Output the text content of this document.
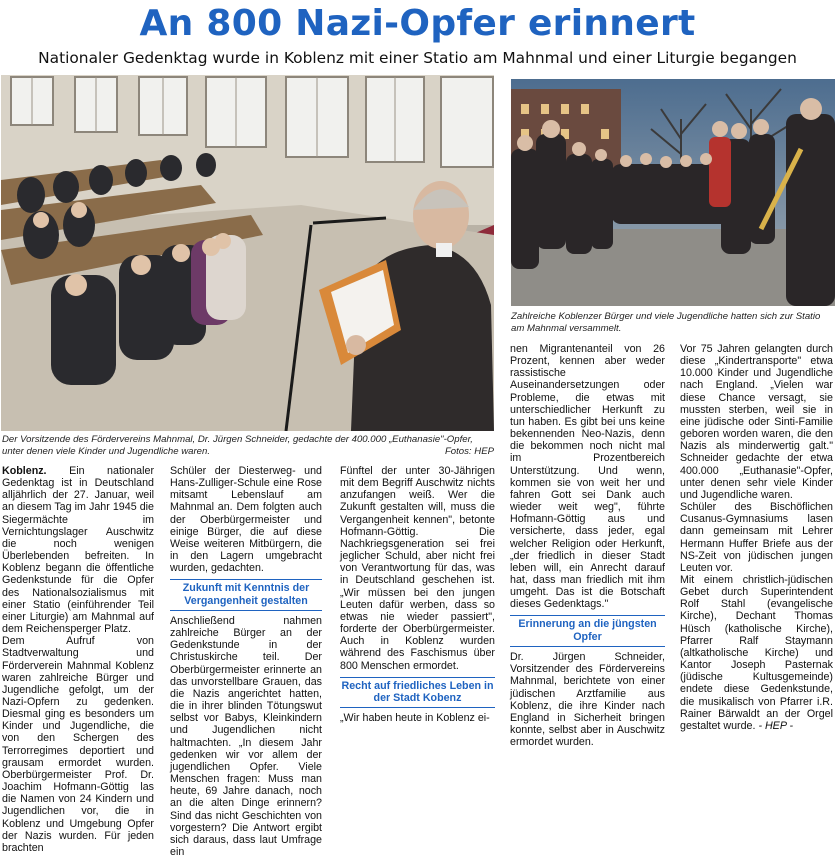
An 800 Nazi-Opfer erinnert
Nationaler Gedenktag wurde in Koblenz mit einer Statio am Mahnmal und einer Liturgie begangen
Der Vorsitzende des Fördervereins Mahnmal, Dr. Jürgen Schneider, gedachte der 400.000 „Euthanasie"-Opfer, unter denen viele Kinder und Jugendliche waren.	Fotos: HEP
Zahlreiche Koblenzer Bürger und viele Jugendliche hatten sich zur Statio am Mahnmal versammelt.

Koblenz. Ein nationaler Gedenktag ist in Deutschland alljährlich der 27. Januar, weil an diesem Tag im Jahr 1945 die Siegermächte im Vernichtungslager Auschwitz die noch wenigen Überlebenden befreiten. In Koblenz begann die öffentliche Gedenkstunde für die Opfer des Nationalsozialismus mit einer Statio (einführender Teil einer Liturgie) am Mahnmal auf dem Reichensperger Platz.

Dem Aufruf von Stadtverwaltung und Förderverein Mahnmal Koblenz waren zahlreiche Bürger und Jugendliche gefolgt, um der Nazi-Opfern zu gedenken. Diesmal ging es besonders um Kinder und Jugendliche, die von den Schergen des Terrorregimes deportiert und grausam ermordet wurden. Oberbürgermeister Prof. Dr. Joachim Hofmann-Göttig las die Namen von 24 Kindern und Jugendlichen vor, die in Koblenz und Umgebung Opfer der Nazis wurden. Für jeden brachten

Schüler der Diesterweg- und Hans-Zulliger-Schule eine Rose mitsamt Lebenslauf am Mahnmal an. Dem folgten auch der Oberbürgermeister und einige Bürger, die auf diese Weise weiteren Mitbürgern, die in den Lagern umgebracht wurden, gedachten.

Zukunft mit Kenntnis der Vergangenheit gestalten

Anschließend nahmen zahlreiche Bürger an der Gedenkstunde in der Christuskirche teil. Der Oberbürgermeister erinnerte an das unvorstellbare Grauen, das die Nazis angerichtet hatten, die in ihrer blinden Tötungswut selbst vor Babys, Kleinkindern und Jugendlichen nicht haltmachten. „In diesem Jahr gedenken wir vor allem der jugendlichen Opfer. Viele Menschen fragen: Muss man heute, 69 Jahre danach, noch an die alten Dinge erinnern? Sind das nicht Geschichten von vorgestern? Die Antwort ergibt sich daraus, dass laut Umfrage ein

Fünftel der unter 30-Jährigen mit dem Begriff Auschwitz nichts anzufangen weiß. Wer die Zukunft gestalten will, muss die Vergangenheit kennen", betonte Hofmann-Göttig. Die Nachkriegsgeneration sei frei jeglicher Schuld, aber nicht frei von Verantwortung für das, was in Deutschland geschehen ist. „Wir müssen bei den jungen Leuten dafür werben, dass so etwas nie wieder passiert", forderte der Oberbürgermeister. Auch in Koblenz wurden während des Faschismus über 800 Menschen ermordet.

Recht auf friedliches Leben in der Stadt Kobenz

„Wir haben heute in Koblenz ei-

nen Migrantenanteil von 26 Prozent, kennen aber weder rassistische Auseinandersetzungen oder Probleme, die etwas mit unterschiedlicher Herkunft zu tun haben. Es gibt bei uns keine bekennenden Neo-Nazis, denn die bekommen noch nicht mal im Prozentbereich Unterstützung. Und wenn, kommen sie von weit her und fahren Gott sei Dank auch wieder weit weg", führte Hofmann-Göttig aus und versicherte, dass jeder, egal welcher Religion oder Herkunft, „der friedlich in dieser Stadt leben will, ein Anrecht darauf hat, dass man friedlich mit ihm umgeht. Das ist die Botschaft dieses Gedenktags."

Erinnerung an die jüngsten Opfer

Dr. Jürgen Schneider, Vorsitzender des Fördervereins Mahnmal, berichtete von einer jüdischen Arztfamilie aus Koblenz, die ihre Kinder nach England in Sicherheit bringen konnte, selbst aber in Auschwitz ermordet wurden.

Vor 75 Jahren gelangten durch diese „Kindertransporte" etwa 10.000 Kinder und Jugendliche nach England. „Vielen war diese Chance versagt, sie mussten sterben, weil sie in eine jüdische oder Sinti-Familie geboren worden waren, die den Nazis als minderwertig galt." Schneider gedachte der etwa 400.000 „Euthanasie"-Opfer, unter denen sehr viele Kinder und Jugendliche waren.

Schüler des Bischöflichen Cusanus-Gymnasiums lasen dann gemeinsam mit Lehrer Hermann Huffer Briefe aus der NS-Zeit von jüdischen jungen Leuten vor.

Mit einem christlich-jüdischen Gebet durch Superintendent Rolf Stahl (evangelische Kirche), Dechant Thomas Hüsch (katholische Kirche), Pfarrer Ralf Staymann (altkatholische Kirche) und Kantor Joseph Pasternak (jüdische Kultusgemeinde) endete diese Gedenkstunde, die musikalisch von Pfarrer i.R. Rainer Bärwaldt an der Orgel gestaltet wurde. - HEP -
